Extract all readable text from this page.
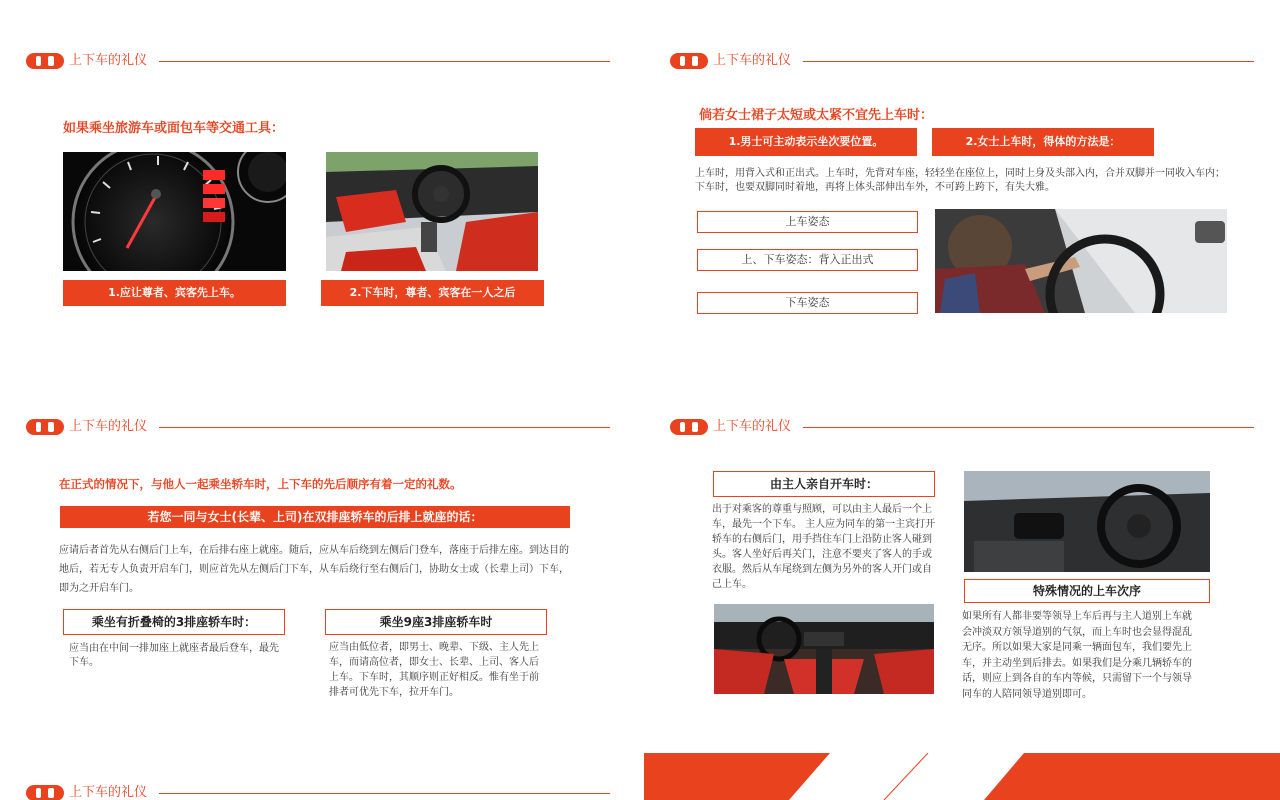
上下车的礼仪
如果乘坐旅游车或面包车等交通工具：
1.应让尊者、宾客先上车。	2.下车时，尊者、宾客在一人之后
上下车的礼仪
倘若女士裙子太短或太紧不宜先上车时：
1.男士可主动表示坐次要位置。	2.女士上车时，得体的方法是：
上车时，用背入式和正出式。上车时，先背对车座，轻轻坐在座位上，同时上身及头部入内，合并双脚并一同收入车内；下车时，也要双脚同时着地，再将上体头部伸出车外，不可跨上跨下，有失大雅。
上车姿态
上、下车姿态：背入正出式
下车姿态
上下车的礼仪
在正式的情况下，与他人一起乘坐轿车时，上下车的先后顺序有着一定的礼数。
若您一同与女士(长辈、上司)在双排座轿车的后排上就座的话：
应请后者首先从右侧后门上车，在后排右座上就座。随后，应从车后绕到左侧后门登车，落座于后排左座。到达目的地后，若无专人负责开启车门，则应首先从左侧后门下车，从车后绕行至右侧后门，协助女士或（长辈上司）下车，即为之开启车门。
乘坐有折叠椅的3排座轿车时：	乘坐9座3排座轿车时
应当由在中间一排加座上就座者最后登车，最先下车。
应当由低位者，即男士、晚辈、下级、主人先上车，而请高位者，即女士、长辈、上司、客人后上车。下车时，其顺序则正好相反。惟有坐于前排者可优先下车，拉开车门。
上下车的礼仪
由主人亲自开车时：
出于对乘客的尊重与照顾，可以由主人最后一个上车，最先一个下车。 主人应为同车的第一主宾打开轿车的右侧后门，用手挡住车门上沿防止客人碰到头。客人坐好后再关门，注意不要夹了客人的手或衣服。然后从车尾绕到左侧为另外的客人开门或自己上车。	特殊情况的上车次序
如果所有人都非要等领导上车后再与主人道别上车就会冲淡双方领导道别的气氛，而上车时也会显得混乱无序。所以如果大家是同乘一辆面包车，我们要先上车，并主动坐到后排去。如果我们是分乘几辆轿车的话，则应上到各自的车内等候，只需留下一个与领导同车的人陪同领导道别即可。
上下车的礼仪
